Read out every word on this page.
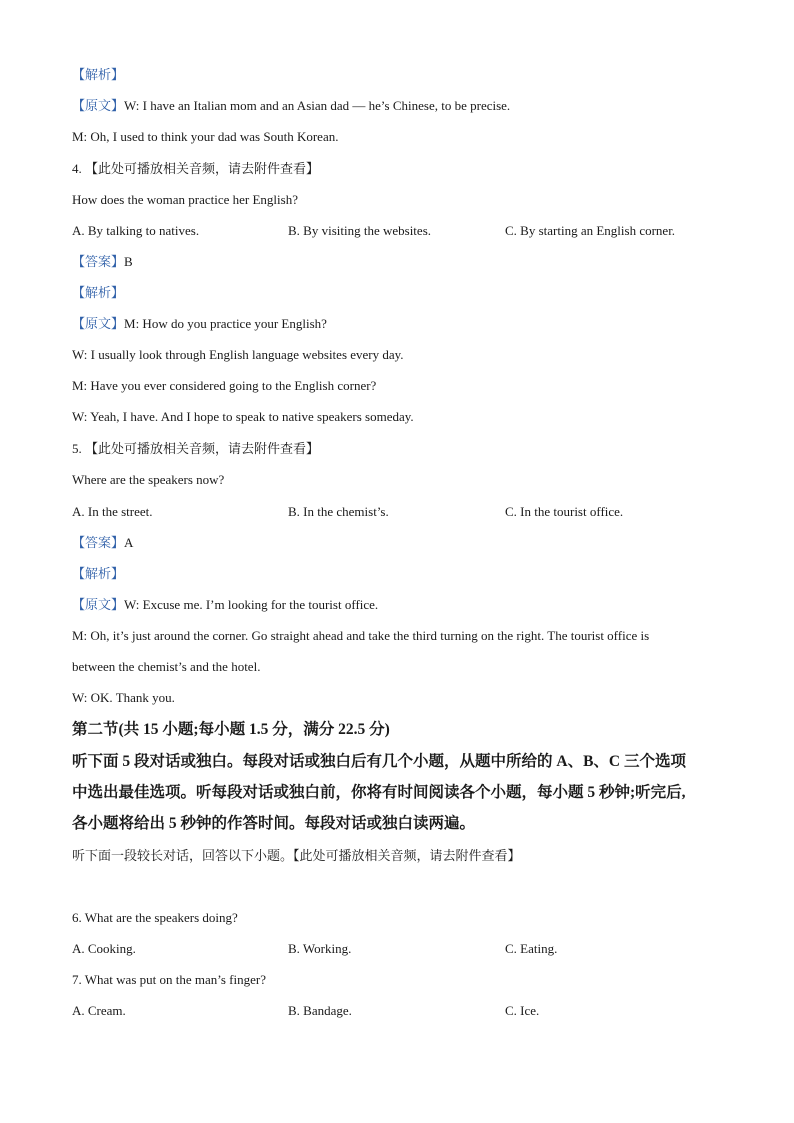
【解析】
【原文】W: I have an Italian mom and an Asian dad — he’s Chinese, to be precise.
M: Oh, I used to think your dad was South Korean.
4. 【此处可播放相关音频，请去附件查看】
How does the woman practice her English?
A. By talking to natives.	B. By visiting the websites.	C. By starting an English corner.
【答案】B
【解析】
【原文】M: How do you practice your English?
W: I usually look through English language websites every day.
M: Have you ever considered going to the English corner?
W: Yeah, I have. And I hope to speak to native speakers someday.
5. 【此处可播放相关音频，请去附件查看】
Where are the speakers now?
A. In the street.	B. In the chemist’s.	C. In the tourist office.
【答案】A
【解析】
【原文】W: Excuse me. I’m looking for the tourist office.
M: Oh, it’s just around the corner. Go straight ahead and take the third turning on the right. The tourist office is
between the chemist’s and the hotel.
W: OK. Thank you.
第二节(共 15 小题;每小题 1.5 分，满分 22.5 分)
听下面 5 段对话或独白。每段对话或独白后有几个小题，从题中所给的 A、B、C 三个选项
中选出最佳选项。听每段对话或独白前，你将有时间阅读各个小题，每小题 5 秒钟;听完后,
各小题将给出 5 秒钟的作答时间。每段对话或独白读两遍。
听下面一段较长对话，回答以下小题。【此处可播放相关音频，请去附件查看】
6. What are the speakers doing?
A. Cooking.	B. Working.	C. Eating.
7. What was put on the man’s finger?
A. Cream.	B. Bandage.	C. Ice.
